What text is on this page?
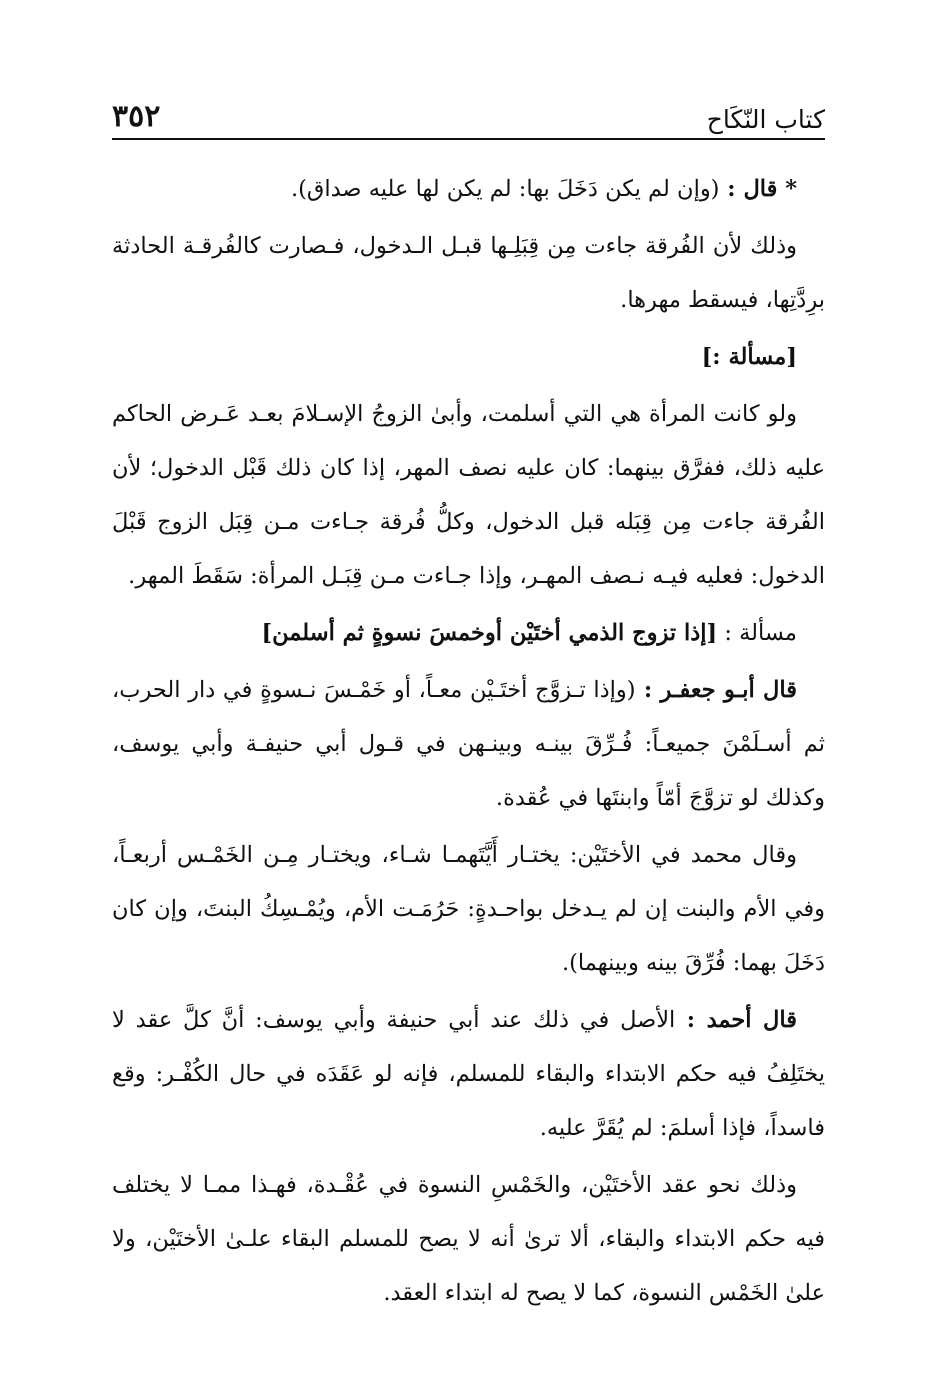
كتاب النّكَاح
٣٥٢

* قال : (وإن لم يكن دَخَلَ بها: لم يكن لها عليه صداق).

وذلك لأن الفُرقة جاءت مِن قِبَلِـها قبـل الـدخول، فـصارت كالفُرقـة الحادثة برِدَّتِها، فيسقط مهرها.

[مسألة :]

ولو كانت المرأة هي التي أسلمت، وأبىٰ الزوجُ الإسـلامَ بعـد عَـرض الحاكم عليه ذلك، ففرَّق بينهما: كان عليه نصف المهر، إذا كان ذلك قَبْل الدخول؛ لأن الفُرقة جاءت مِن قِبَله قبل الدخول، وكلُّ فُرقة جـاءت مـن قِبَل الزوج قَبْلَ الدخول: فعليه فيـه نـصف المهـر، وإذا جـاءت مـن قِبَـل المرأة: سَقَطَ المهر.

مسألة : [إذا تزوج الذمي أختَيْن أوخمسَ نسوةٍ ثم أسلمن]

قال أبـو جعفـر : (وإذا تـزوَّج أختَـيْن معـاً، أو خَمْـسَ نـسوةٍ في دار الحرب، ثم أسـلَمْنَ جميعـاً: فُـرِّقَ بينـه وبينـهن في قـول أبي حنيفـة وأبي يوسف، وكذلك لو تزوَّجَ أمّاً وابنتَها في عُقدة.

وقال محمد في الأختَيْن: يختـار أَيَّتَهمـا شـاء، ويختـار مِـن الخَمْـس أربعـاً، وفي الأم والبنت إن لم يـدخل بواحـدةٍ: حَرُمَـت الأم، ويُمْـسِكُ البنتَ، وإن كان دَخَلَ بهما: فُرِّقَ بينه وبينهما).

قال أحمد : الأصل في ذلك عند أبي حنيفة وأبي يوسف: أنَّ كلَّ عقد لا يختَلِفُ فيه حكم الابتداء والبقاء للمسلم، فإنه لو عَقَدَه في حال الكُفْـر: وقع فاسداً، فإذا أسلمَ: لم يُقَرَّ عليه.

وذلك نحو عقد الأختَيْن، والخَمْسِ النسوة في عُقْـدة، فهـذا ممـا لا يختلف فيه حكم الابتداء والبقاء، ألا ترىٰ أنه لا يصح للمسلم البقاء علـىٰ الأختَيْن، ولا علىٰ الخَمْس النسوة، كما لا يصح له ابتداء العقد.
